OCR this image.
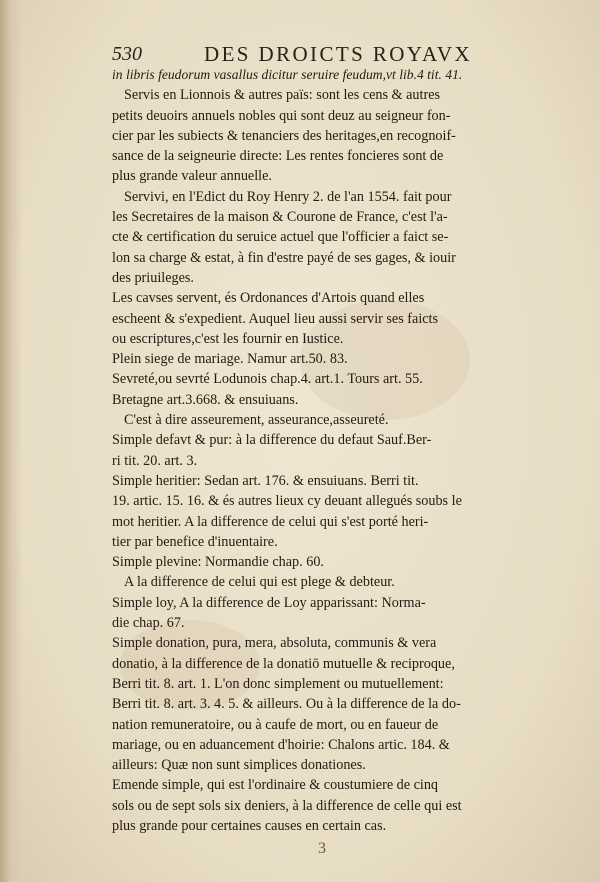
530	DES DROICTS ROYAVX
in libris feudorum vasallus dicitur seruire feudum,vt lib.4 tit. 41.
Servis en Lionnois & autres païs: sont les cens & autres
petits deuoirs annuels nobles qui sont deuz au seigneur fon-
cier par les subiects & tenanciers des heritages,en recognoif-
sance de la seigneurie directe: Les rentes foncieres sont de
plus grande valeur annuelle.
Servivi, en l'Edict du Roy Henry 2. de l'an 1554. fait pour
les Secretaires de la maison & Courone de France, c'est l'a-
cte & certification du seruice actuel que l'officier a faict se-
lon sa charge & estat, à fin d'estre payé de ses gages, & iouir
des priuileges.
Les cavses servent, és Ordonances d'Artois quand elles
escheent & s'expedient. Auquel lieu aussi servir ses faicts
ou escriptures,c'est les fournir en Iustice.
Plein siege de mariage. Namur art.50. 83.
Sevreté,ou sevrté Lodunois chap.4. art.1. Tours art. 55.
Bretagne art.3.668. & ensuiuans.
C'est à dire asseurement, asseurance,asseureté.
Simple defavt & pur: à la difference du defaut Sauf.Ber-
ri tit. 20. art. 3.
Simple heritier: Sedan art. 176. & ensuiuans. Berri tit.
19. artic. 15. 16. & és autres lieux cy deuant allegués soubs le
mot heritier. A la difference de celui qui s'est porté heri-
tier par benefice d'inuentaire.
Simple plevine: Normandie chap. 60.
A la difference de celui qui est plege & debteur.
Simple loy, A la difference de Loy apparissant: Norma-
die chap. 67.
Simple donation, pura, mera, absoluta, communis & vera
donatio, à la difference de la donatiō mutuelle & reciproque,
Berri tit. 8. art. 1. L'on donc simplement ou mutuellement:
Berri tit. 8. art. 3. 4. 5. & ailleurs. Ou à la difference de la do-
nation remuneratoire, ou à caufe de mort, ou en faueur de
mariage, ou en aduancement d'hoirie: Chalons artic. 184. &
ailleurs: Quæ non sunt simplices donationes.
Emende simple, qui est l'ordinaire & coustumiere de cinq
sols ou de sept sols six deniers, à la difference de celle qui est
plus grande pour certaines causes en certain cas.
3
